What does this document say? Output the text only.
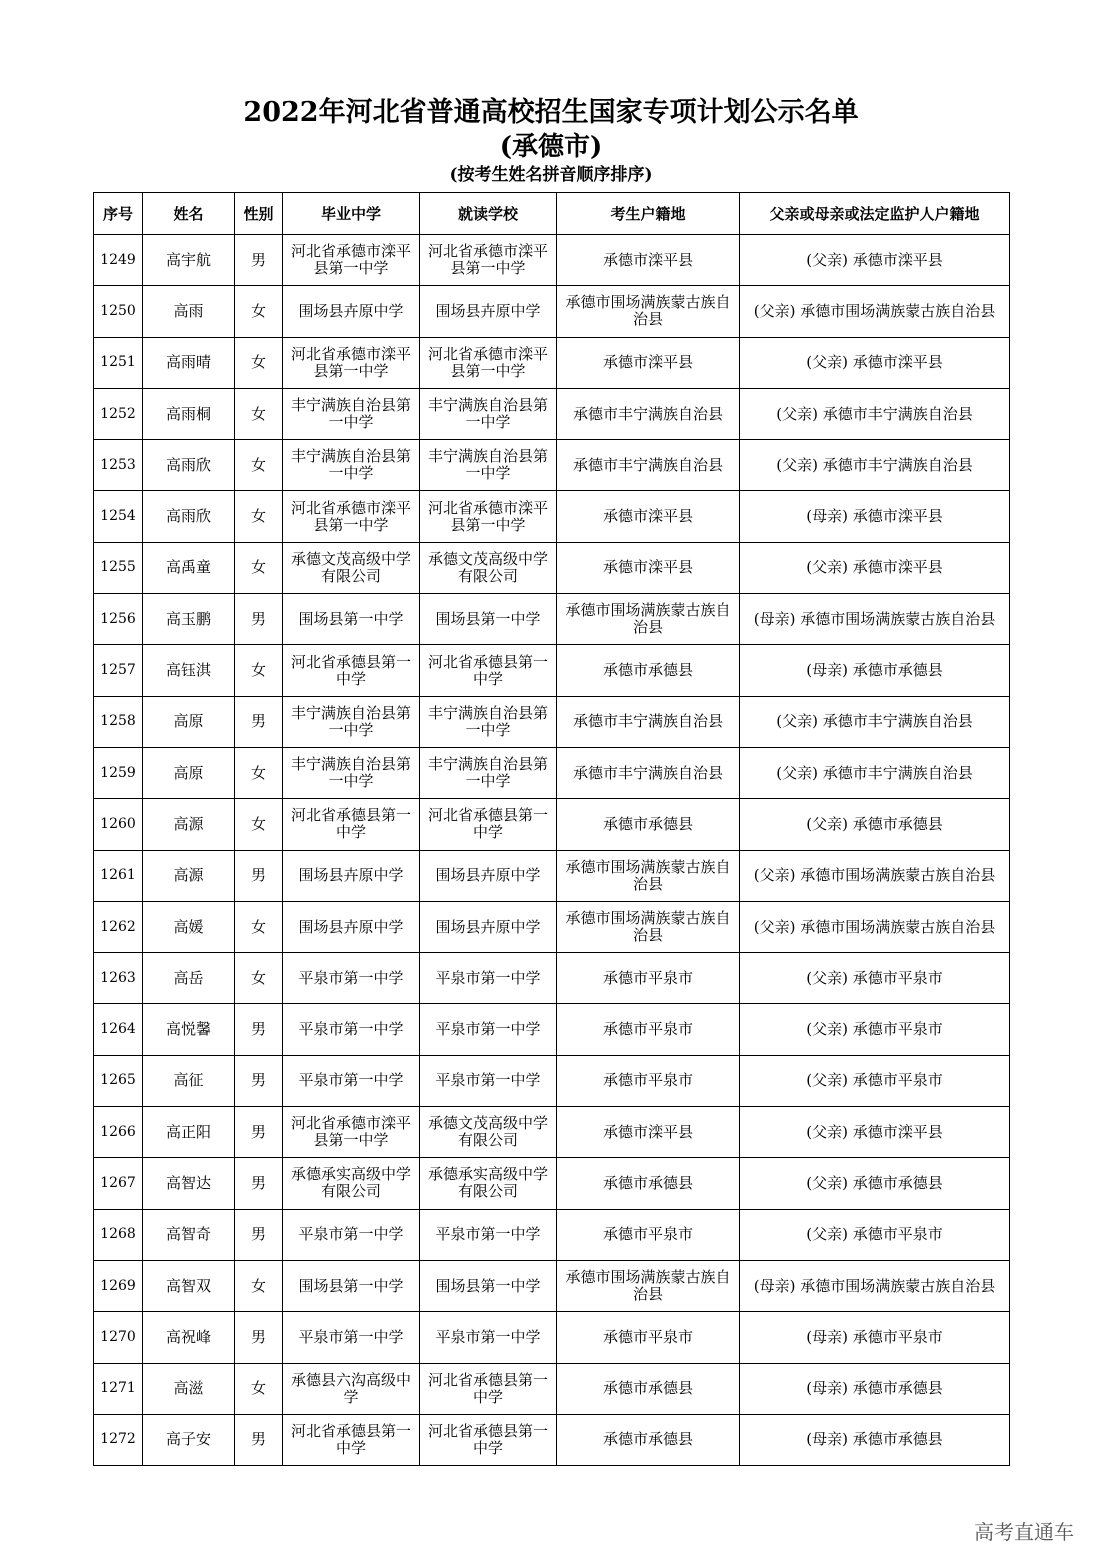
2022年河北省普通高校招生国家专项计划公示名单
(承德市)
(按考生姓名拼音顺序排序)
序号	姓名	性别	毕业中学	就读学校	考生户籍地	父亲或母亲或法定监护人户籍地
1249	高宇航	男	河北省承德市滦平县第一中学	河北省承德市滦平县第一中学	承德市滦平县	(父亲) 承德市滦平县
1250	高雨	女	围场县卉原中学	围场县卉原中学	承德市围场满族蒙古族自治县	(父亲) 承德市围场满族蒙古族自治县
1251	高雨晴	女	河北省承德市滦平县第一中学	河北省承德市滦平县第一中学	承德市滦平县	(父亲) 承德市滦平县
1252	高雨桐	女	丰宁满族自治县第一中学	丰宁满族自治县第一中学	承德市丰宁满族自治县	(父亲) 承德市丰宁满族自治县
1253	高雨欣	女	丰宁满族自治县第一中学	丰宁满族自治县第一中学	承德市丰宁满族自治县	(父亲) 承德市丰宁满族自治县
1254	高雨欣	女	河北省承德市滦平县第一中学	河北省承德市滦平县第一中学	承德市滦平县	(母亲) 承德市滦平县
1255	高禹童	女	承德文茂高级中学有限公司	承德文茂高级中学有限公司	承德市滦平县	(父亲) 承德市滦平县
1256	高玉鹏	男	围场县第一中学	围场县第一中学	承德市围场满族蒙古族自治县	(母亲) 承德市围场满族蒙古族自治县
1257	高钰淇	女	河北省承德县第一中学	河北省承德县第一中学	承德市承德县	(母亲) 承德市承德县
1258	高原	男	丰宁满族自治县第一中学	丰宁满族自治县第一中学	承德市丰宁满族自治县	(父亲) 承德市丰宁满族自治县
1259	高原	女	丰宁满族自治县第一中学	丰宁满族自治县第一中学	承德市丰宁满族自治县	(父亲) 承德市丰宁满族自治县
1260	高源	女	河北省承德县第一中学	河北省承德县第一中学	承德市承德县	(父亲) 承德市承德县
1261	高源	男	围场县卉原中学	围场县卉原中学	承德市围场满族蒙古族自治县	(父亲) 承德市围场满族蒙古族自治县
1262	高媛	女	围场县卉原中学	围场县卉原中学	承德市围场满族蒙古族自治县	(父亲) 承德市围场满族蒙古族自治县
1263	高岳	女	平泉市第一中学	平泉市第一中学	承德市平泉市	(父亲) 承德市平泉市
1264	高悦馨	男	平泉市第一中学	平泉市第一中学	承德市平泉市	(父亲) 承德市平泉市
1265	高征	男	平泉市第一中学	平泉市第一中学	承德市平泉市	(父亲) 承德市平泉市
1266	高正阳	男	河北省承德市滦平县第一中学	承德文茂高级中学有限公司	承德市滦平县	(父亲) 承德市滦平县
1267	高智达	男	承德承实高级中学有限公司	承德承实高级中学有限公司	承德市承德县	(父亲) 承德市承德县
1268	高智奇	男	平泉市第一中学	平泉市第一中学	承德市平泉市	(父亲) 承德市平泉市
1269	高智双	女	围场县第一中学	围场县第一中学	承德市围场满族蒙古族自治县	(母亲) 承德市围场满族蒙古族自治县
1270	高祝峰	男	平泉市第一中学	平泉市第一中学	承德市平泉市	(母亲) 承德市平泉市
1271	高滋	女	承德县六沟高级中学	河北省承德县第一中学	承德市承德县	(母亲) 承德市承德县
1272	高子安	男	河北省承德县第一中学	河北省承德县第一中学	承德市承德县	(母亲) 承德市承德县
高考直通车
